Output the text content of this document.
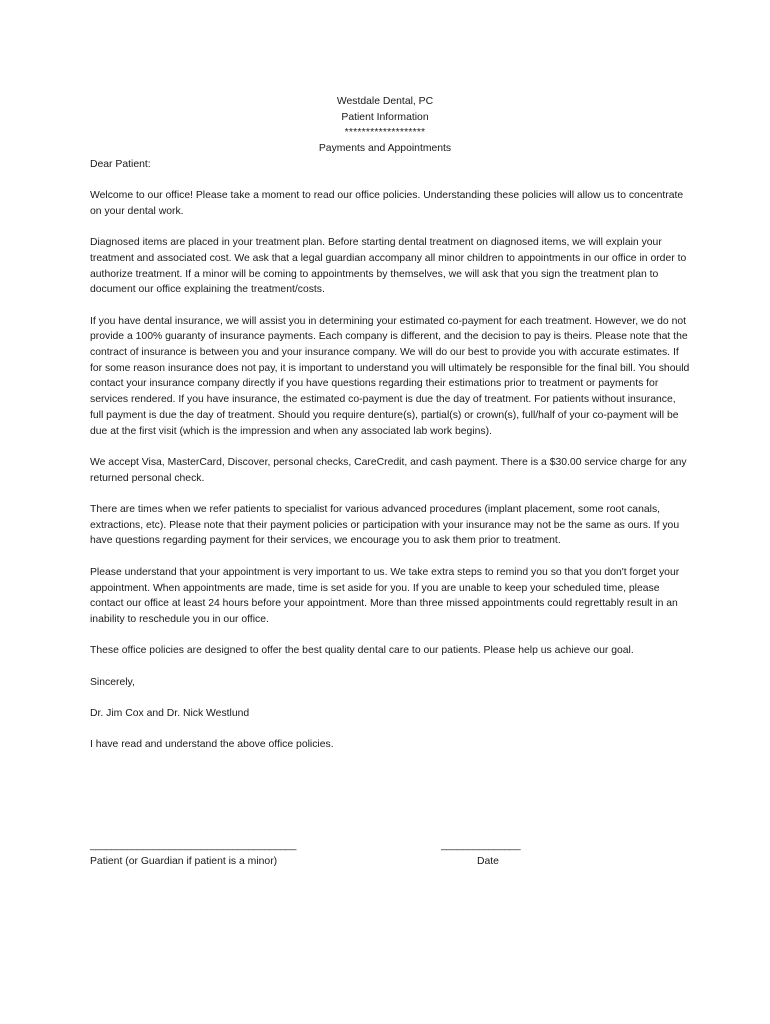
Westdale Dental, PC
Patient Information
*******************
Payments and Appointments
Dear Patient:

Welcome to our office! Please take a moment to read our office policies. Understanding these policies will allow us to concentrate on your dental work.

Diagnosed items are placed in your treatment plan. Before starting dental treatment on diagnosed items, we will explain your treatment and associated cost. We ask that a legal guardian accompany all minor children to appointments in our office in order to authorize treatment. If a minor will be coming to appointments by themselves, we will ask that you sign the treatment plan to document our office explaining the treatment/costs.

If you have dental insurance, we will assist you in determining your estimated co-payment for each treatment. However, we do not provide a 100% guaranty of insurance payments. Each company is different, and the decision to pay is theirs. Please note that the contract of insurance is between you and your insurance company. We will do our best to provide you with accurate estimates. If for some reason insurance does not pay, it is important to understand you will ultimately be responsible for the final bill. You should contact your insurance company directly if you have questions regarding their estimations prior to treatment or payments for services rendered. If you have insurance, the estimated co-payment is due the day of treatment. For patients without insurance, full payment is due the day of treatment. Should you require denture(s), partial(s) or crown(s), full/half of your co-payment will be due at the first visit (which is the impression and when any associated lab work begins).

We accept Visa, MasterCard, Discover, personal checks, CareCredit, and cash payment. There is a $30.00 service charge for any returned personal check.

There are times when we refer patients to specialist for various advanced procedures (implant placement, some root canals, extractions, etc). Please note that their payment policies or participation with your insurance may not be the same as ours. If you have questions regarding payment for their services, we encourage you to ask them prior to treatment.

Please understand that your appointment is very important to us. We take extra steps to remind you so that you don't forget your appointment. When appointments are made, time is set aside for you. If you are unable to keep your scheduled time, please contact our office at least 24 hours before your appointment. More than three missed appointments could regrettably result in an inability to reschedule you in our office.

These office policies are designed to offer the best quality dental care to our patients. Please help us achieve our goal.

Sincerely,

Dr. Jim Cox and Dr. Nick Westlund

I have read and understand the above office policies.

_______________________________________
Patient (or Guardian if patient is a minor)
_______________
Date
